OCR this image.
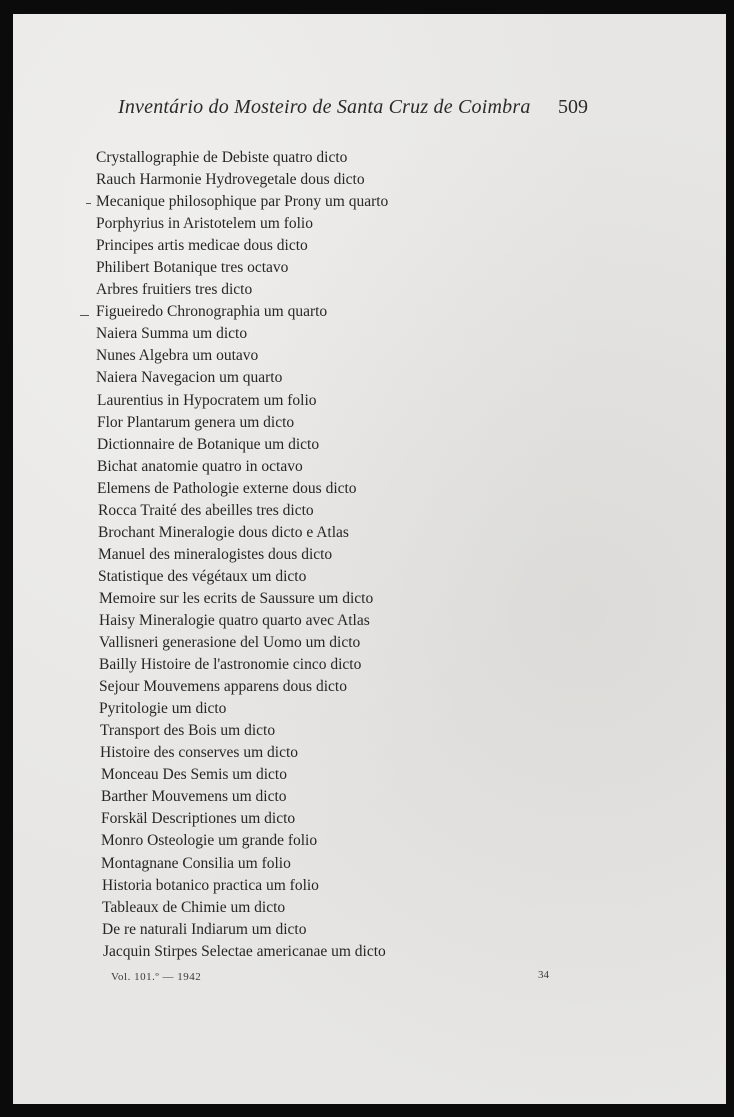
Inventário do Mosteiro de Santa Cruz de Coimbra 509
Crystallographie de Debiste quatro dicto
Rauch Harmonie Hydrovegetale dous dicto
Mecanique philosophique par Prony um quarto
Porphyrius in Aristotelem um folio
Principes artis medicae dous dicto
Philibert Botanique tres octavo
Arbres fruitiers tres dicto
Figueiredo Chronographia um quarto
Naiera Summa um dicto
Nunes Algebra um outavo
Naiera Navegacion um quarto
Laurentius in Hypocratem um folio
Flor Plantarum genera um dicto
Dictionnaire de Botanique um dicto
Bichat anatomie quatro in octavo
Elemens de Pathologie externe dous dicto
Rocca Traité des abeilles tres dicto
Brochant Mineralogie dous dicto e Atlas
Manuel des mineralogistes dous dicto
Statistique des végétaux um dicto
Memoire sur les ecrits de Saussure um dicto
Haisy Mineralogie quatro quarto avec Atlas
Vallisneri generasione del Uomo um dicto
Bailly Histoire de l'astronomie cinco dicto
Sejour Mouvemens apparens dous dicto
Pyritologie um dicto
Transport des Bois um dicto
Histoire des conserves um dicto
Monceau Des Semis um dicto
Barther Mouvemens um dicto
Forskäl Descriptiones um dicto
Monro Osteologie um grande folio
Montagnane Consilia um folio
Historia botanico practica um folio
Tableaux de Chimie um dicto
De re naturali Indiarum um dicto
Jacquin Stirpes Selectae americanae um dicto
Vol. 101.º — 1942	34
